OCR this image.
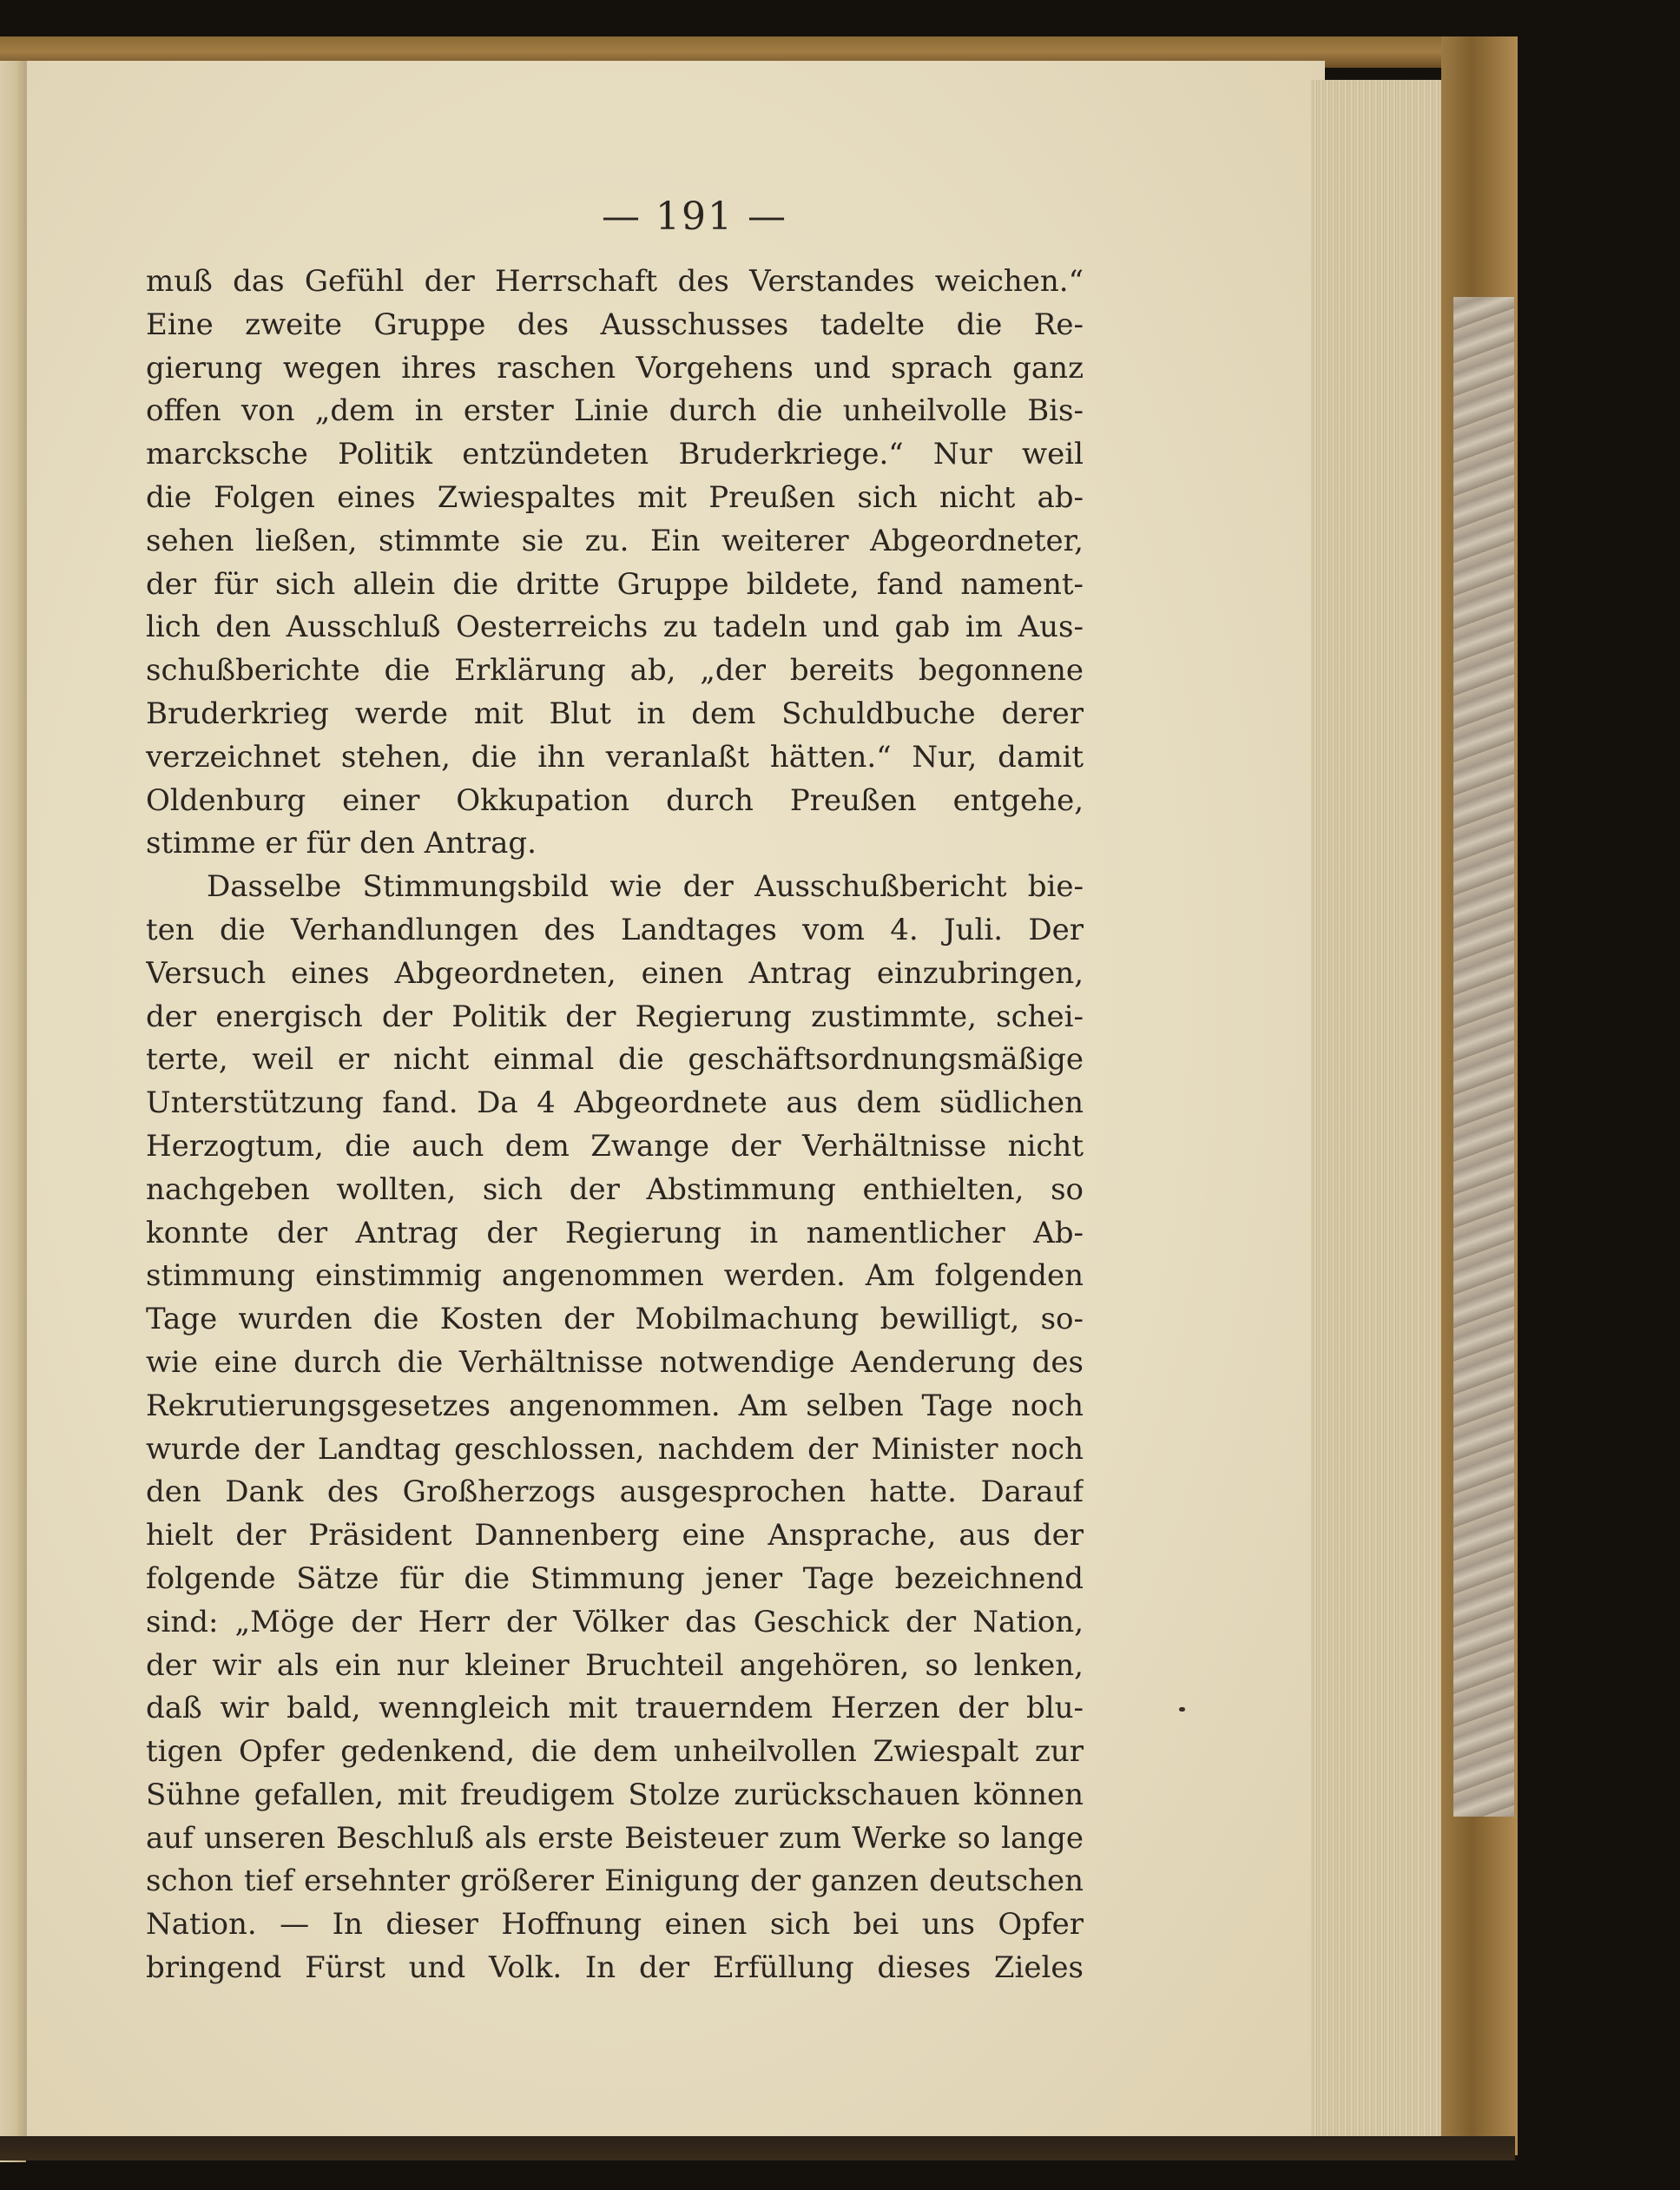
— 191 —
muß das Gefühl der Herrschaft des Verstandes weichen.“
Eine zweite Gruppe des Ausschusses tadelte die Re-
gierung wegen ihres raschen Vorgehens und sprach ganz
offen von „dem in erster Linie durch die unheilvolle Bis-
marcksche Politik entzündeten Bruderkriege.“ Nur weil
die Folgen eines Zwiespaltes mit Preußen sich nicht ab-
sehen ließen, stimmte sie zu. Ein weiterer Abgeordneter,
der für sich allein die dritte Gruppe bildete, fand nament-
lich den Ausschluß Oesterreichs zu tadeln und gab im Aus-
schußberichte die Erklärung ab, „der bereits begonnene
Bruderkrieg werde mit Blut in dem Schuldbuche derer
verzeichnet stehen, die ihn veranlaßt hätten.“ Nur, damit
Oldenburg einer Okkupation durch Preußen entgehe,
stimme er für den Antrag.
Dasselbe Stimmungsbild wie der Ausschußbericht bie-
ten die Verhandlungen des Landtages vom 4. Juli. Der
Versuch eines Abgeordneten, einen Antrag einzubringen,
der energisch der Politik der Regierung zustimmte, schei-
terte, weil er nicht einmal die geschäftsordnungsmäßige
Unterstützung fand. Da 4 Abgeordnete aus dem südlichen
Herzogtum, die auch dem Zwange der Verhältnisse nicht
nachgeben wollten, sich der Abstimmung enthielten, so
konnte der Antrag der Regierung in namentlicher Ab-
stimmung einstimmig angenommen werden. Am folgenden
Tage wurden die Kosten der Mobilmachung bewilligt, so-
wie eine durch die Verhältnisse notwendige Aenderung des
Rekrutierungsgesetzes angenommen. Am selben Tage noch
wurde der Landtag geschlossen, nachdem der Minister noch
den Dank des Großherzogs ausgesprochen hatte. Darauf
hielt der Präsident Dannenberg eine Ansprache, aus der
folgende Sätze für die Stimmung jener Tage bezeichnend
sind: „Möge der Herr der Völker das Geschick der Nation,
der wir als ein nur kleiner Bruchteil angehören, so lenken,
daß wir bald, wenngleich mit trauerndem Herzen der blu-
tigen Opfer gedenkend, die dem unheilvollen Zwiespalt zur
Sühne gefallen, mit freudigem Stolze zurückschauen können
auf unseren Beschluß als erste Beisteuer zum Werke so lange
schon tief ersehnter größerer Einigung der ganzen deutschen
Nation. — In dieser Hoffnung einen sich bei uns Opfer
bringend Fürst und Volk. In der Erfüllung dieses Zieles
